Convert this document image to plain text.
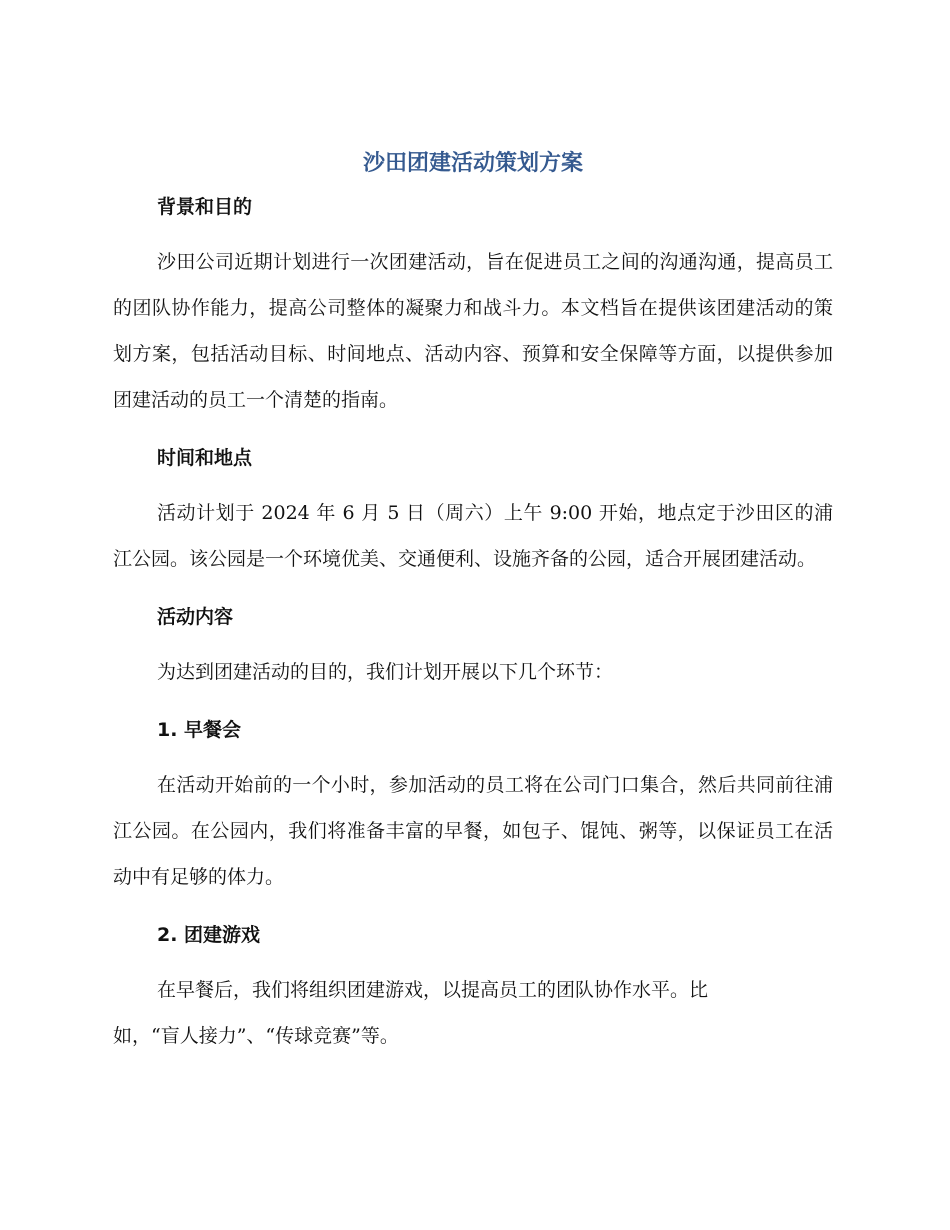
沙田团建活动策划方案
背景和目的

沙田公司近期计划进行一次团建活动，旨在促进员工之间的沟通沟通，提高员工的团队协作能力，提高公司整体的凝聚力和战斗力。本文档旨在提供该团建活动的策划方案，包括活动目标、时间地点、活动内容、预算和安全保障等方面，以提供参加团建活动的员工一个清楚的指南。

时间和地点

活动计划于 2024 年 6 月 5 日（周六）上午 9:00 开始，地点定于沙田区的浦江公园。该公园是一个环境优美、交通便利、设施齐备的公园，适合开展团建活动。

活动内容

为达到团建活动的目的，我们计划开展以下几个环节：

1. 早餐会

在活动开始前的一个小时，参加活动的员工将在公司门口集合，然后共同前往浦江公园。在公园内，我们将准备丰富的早餐，如包子、馄饨、粥等，以保证员工在活动中有足够的体力。

2. 团建游戏

在早餐后，我们将组织团建游戏，以提高员工的团队协作水平。比

如，“盲人接力”、“传球竞赛”等。
